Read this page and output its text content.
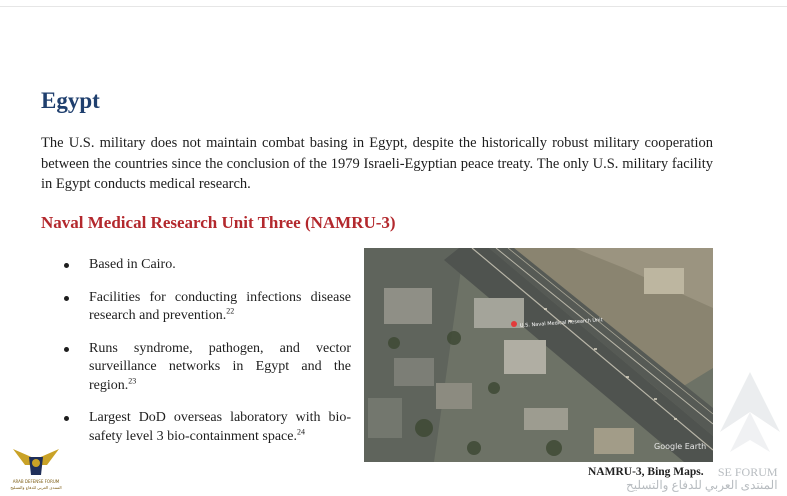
Egypt

The U.S. military does not maintain combat basing in Egypt, despite the historically robust military cooperation between the countries since the conclusion of the 1979 Israeli-Egyptian peace treaty. The only U.S. military facility in Egypt conducts medical research.

Naval Medical Research Unit Three (NAMRU-3)
Based in Cairo.
Facilities for conducting infections disease research and prevention.$^{22}$
Runs syndrome, pathogen, and vector surveillance networks in Egypt and the region.$^{23}$
Largest DoD overseas laboratory with bio-safety level 3 bio-containment space.$^{24}$
U.S. Naval Medical Research Unit
Google Earth

NAMRU-3, Bing Maps.	SE FORUM
المنتدى العربي للدفاع والتسليح
ARAB DEFENSE FORUM
المنتدى العربي للدفاع والتسليح
